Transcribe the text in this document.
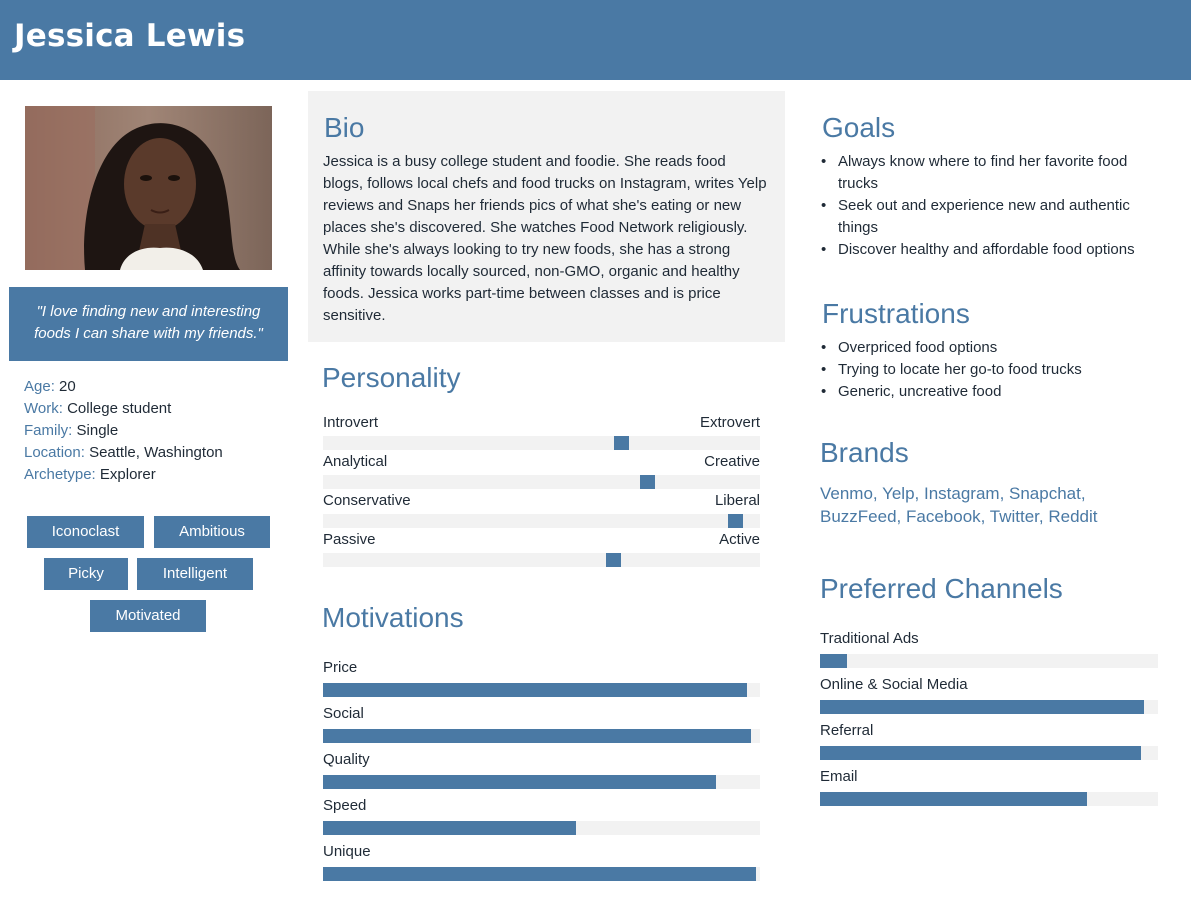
Jessica Lewis
"I love finding new and interesting foods I can share with my friends."
Age: 20
Work: College student
Family: Single
Location: Seattle, Washington
Archetype: Explorer
Iconoclast	Ambitious
Picky	Intelligent
Motivated
Bio
Jessica is a busy college student and foodie. She reads food blogs, follows local chefs and food trucks on Instagram, writes Yelp reviews and Snaps her friends pics of what she's eating or new places she's discovered. She watches Food Network religiously. While she's always looking to try new foods, she has a strong affinity towards locally sourced, non-GMO, organic and healthy foods. Jessica works part-time between classes and is price sensitive.
Personality
Introvert	Extrovert
Analytical	Creative
Conservative	Liberal
Passive	Active
Motivations
Price
Social
Quality
Speed
Unique
Goals
• Always know where to find her favorite food trucks
• Seek out and experience new and authentic things
• Discover healthy and affordable food options
Frustrations
• Overpriced food options
• Trying to locate her go-to food trucks
• Generic, uncreative food
Brands
Venmo, Yelp, Instagram, Snapchat, BuzzFeed, Facebook, Twitter, Reddit
Preferred Channels
Traditional Ads
Online & Social Media
Referral
Email
